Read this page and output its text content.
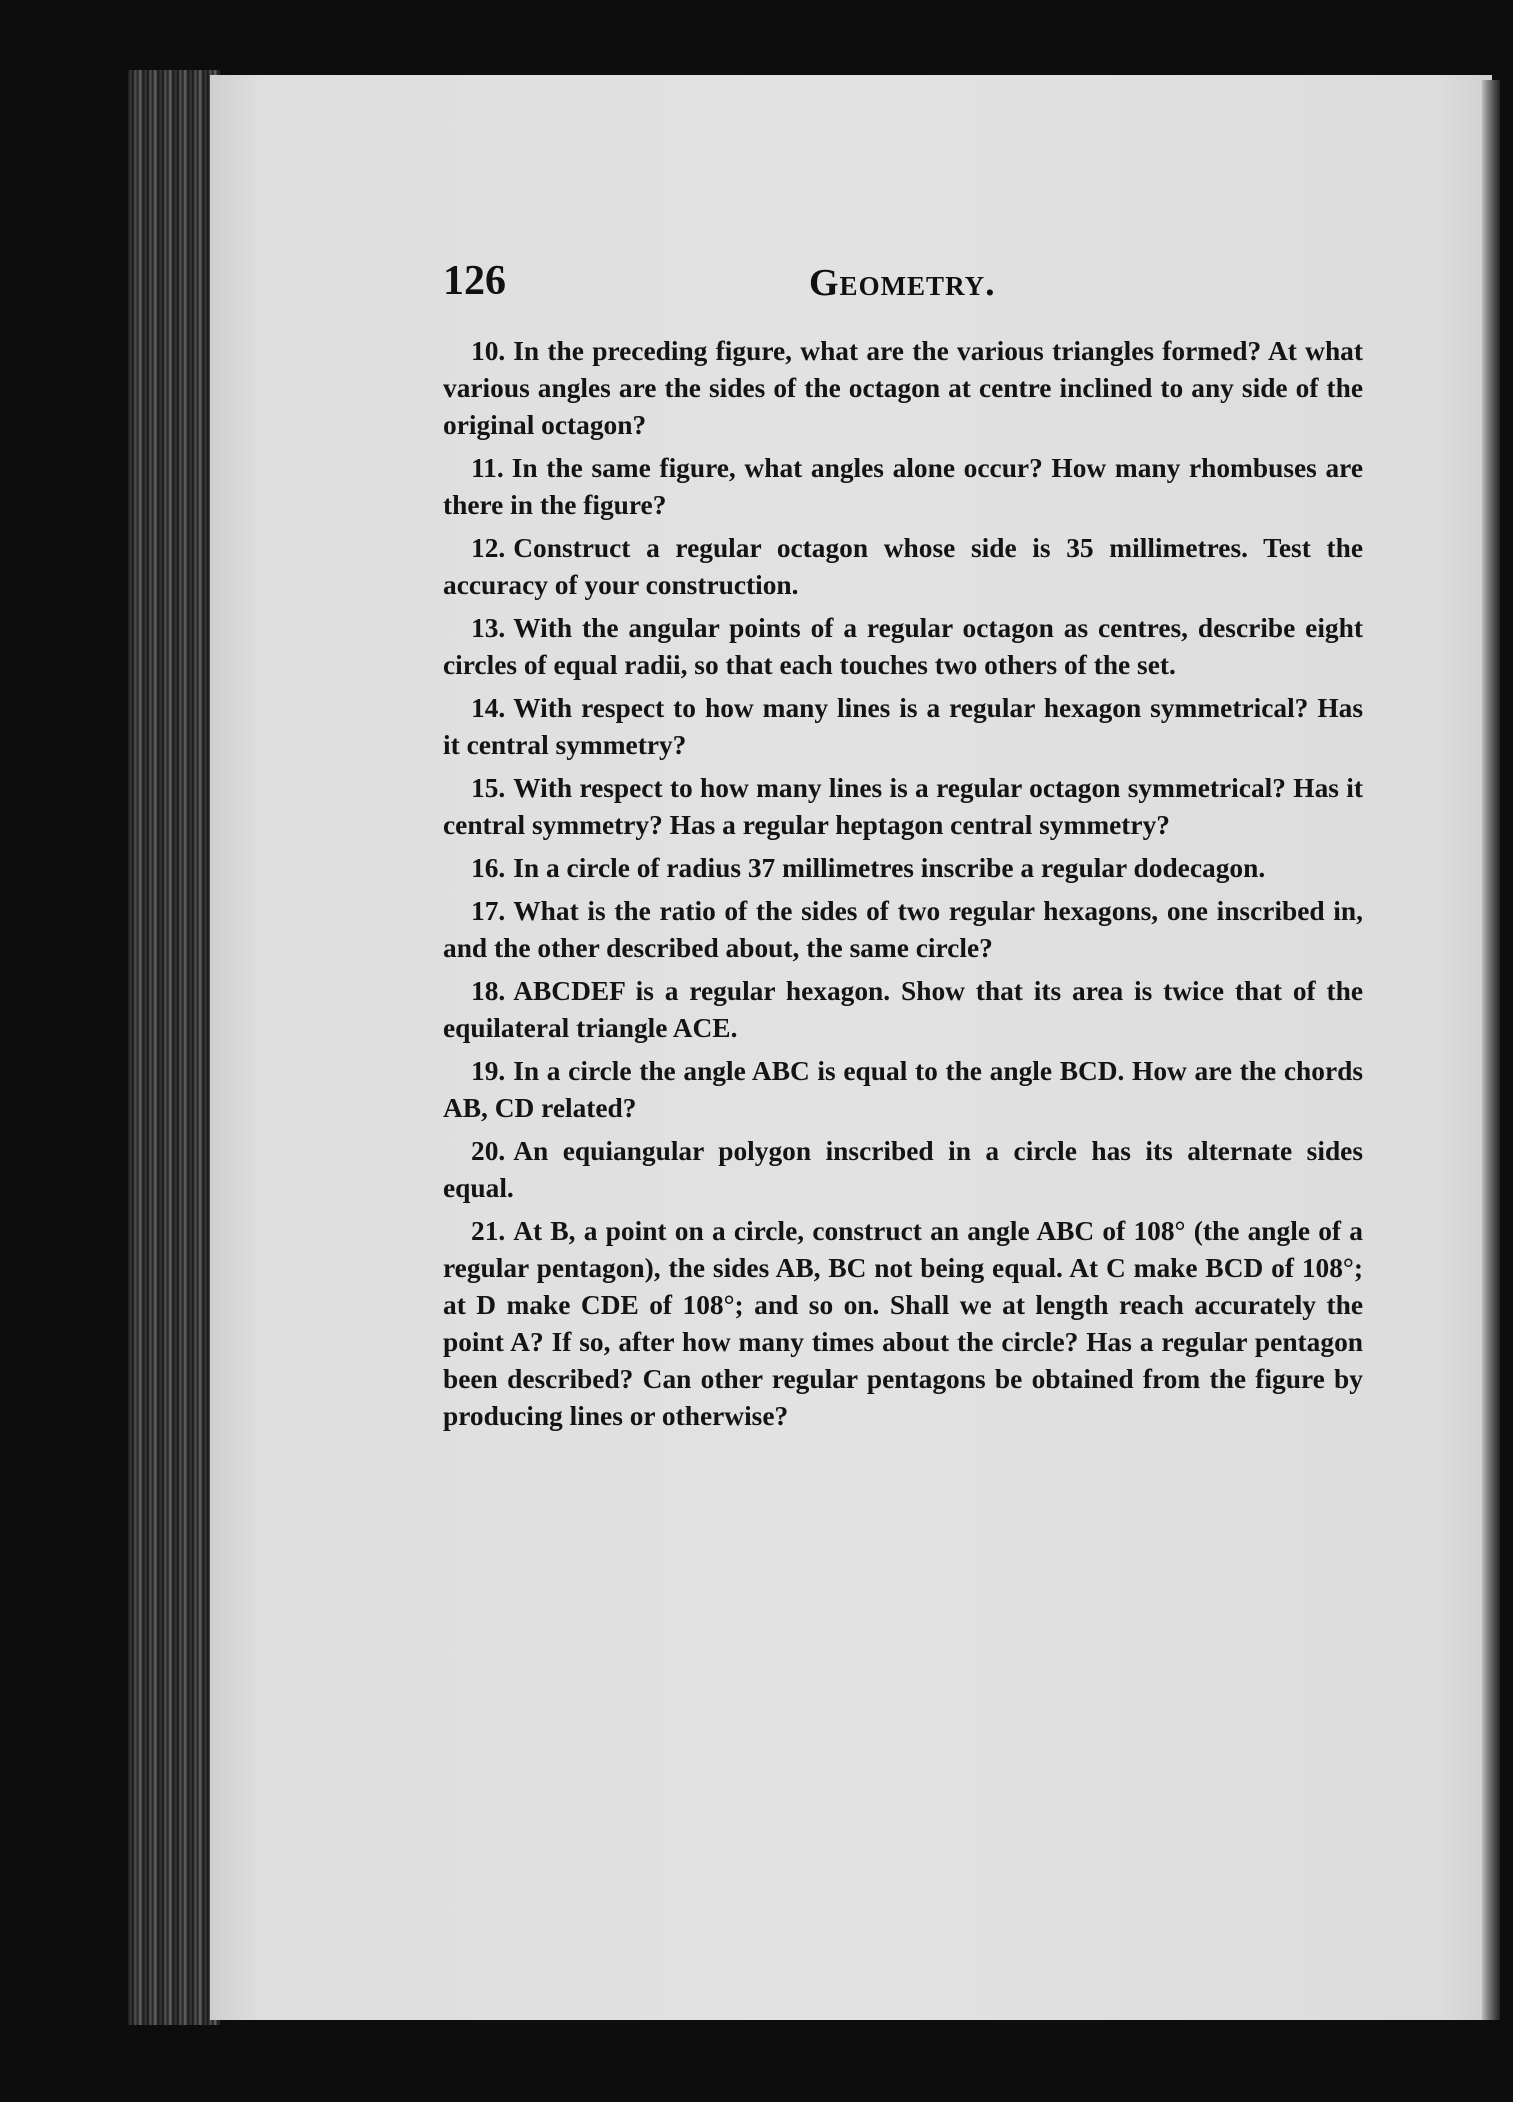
126	Geometry.

10. In the preceding figure, what are the various triangles formed? At what various angles are the sides of the octagon at centre inclined to any side of the original octagon?

11. In the same figure, what angles alone occur? How many rhombuses are there in the figure?

12. Construct a regular octagon whose side is 35 millimetres. Test the accuracy of your construction.

13. With the angular points of a regular octagon as centres, describe eight circles of equal radii, so that each touches two others of the set.

14. With respect to how many lines is a regular hexagon symmetrical? Has it central symmetry?

15. With respect to how many lines is a regular octagon symmetrical? Has it central symmetry? Has a regular heptagon central symmetry?

16. In a circle of radius 37 millimetres inscribe a regular dodecagon.

17. What is the ratio of the sides of two regular hexagons, one inscribed in, and the other described about, the same circle?

18. ABCDEF is a regular hexagon. Show that its area is twice that of the equilateral triangle ACE.

19. In a circle the angle ABC is equal to the angle BCD. How are the chords AB, CD related?

20. An equiangular polygon inscribed in a circle has its alternate sides equal.

21. At B, a point on a circle, construct an angle ABC of 108° (the angle of a regular pentagon), the sides AB, BC not being equal. At C make BCD of 108°; at D make CDE of 108°; and so on. Shall we at length reach accurately the point A? If so, after how many times about the circle? Has a regular pentagon been described? Can other regular pentagons be obtained from the figure by producing lines or otherwise?
